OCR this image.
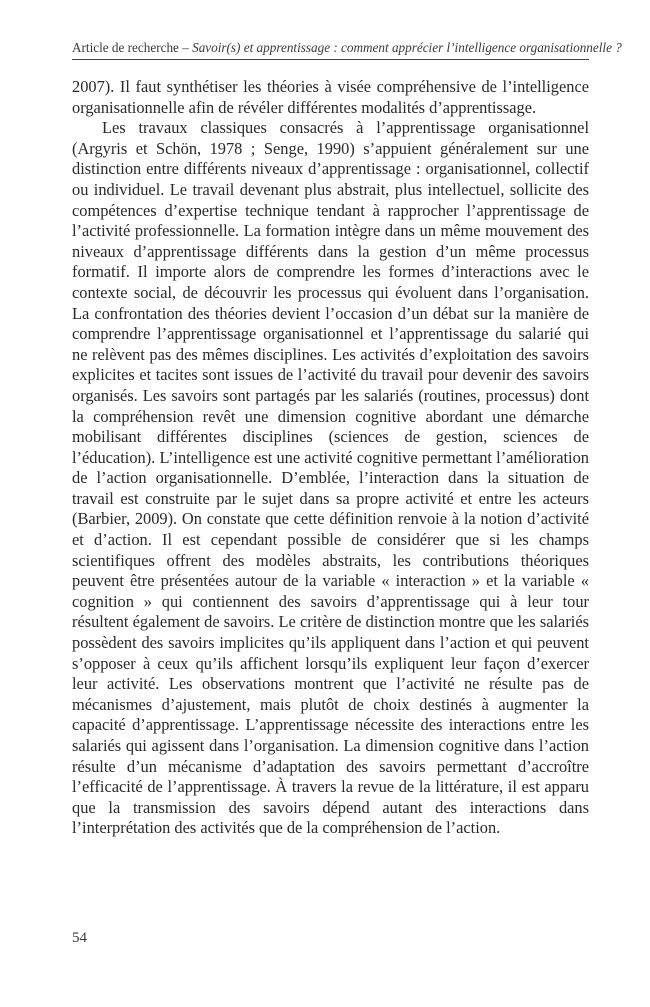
Article de recherche – Savoir(s) et apprentissage : comment apprécier l’intelligence organisationnelle ?

2007). Il faut synthétiser les théories à visée compréhensive de l’intelligence organisationnelle afin de révéler différentes modalités d’apprentissage.

Les travaux classiques consacrés à l’apprentissage organisationnel (Argyris et Schön, 1978 ; Senge, 1990) s’appuient généralement sur une distinction entre différents niveaux d’apprentissage : organisationnel, collectif ou individuel. Le travail devenant plus abstrait, plus intellectuel, sollicite des compétences d’expertise technique tendant à rapprocher l’apprentissage de l’activité professionnelle. La formation intègre dans un même mouvement des niveaux d’apprentissage différents dans la gestion d’un même processus formatif. Il importe alors de comprendre les formes d’interactions avec le contexte social, de découvrir les processus qui évoluent dans l’organisation. La confrontation des théories devient l’occasion d’un débat sur la manière de comprendre l’apprentissage organisationnel et l’apprentissage du salarié qui ne relèvent pas des mêmes disciplines. Les activités d’exploitation des savoirs explicites et tacites sont issues de l’activité du travail pour devenir des savoirs organisés. Les savoirs sont partagés par les salariés (routines, processus) dont la compréhension revêt une dimension cognitive abordant une démarche mobilisant différentes disciplines (sciences de gestion, sciences de l’éducation). L’intelligence est une activité cognitive permettant l’amélioration de l’action organisationnelle. D’emblée, l’interaction dans la situation de travail est construite par le sujet dans sa propre activité et entre les acteurs (Barbier, 2009). On constate que cette définition renvoie à la notion d’activité et d’action. Il est cependant possible de considérer que si les champs scientifiques offrent des modèles abstraits, les contributions théoriques peuvent être présentées autour de la variable « interaction » et la variable « cognition » qui contiennent des savoirs d’apprentissage qui à leur tour résultent également de savoirs. Le critère de distinction montre que les salariés possèdent des savoirs implicites qu’ils appliquent dans l’action et qui peuvent s’opposer à ceux qu’ils affichent lorsqu’ils expliquent leur façon d’exercer leur activité. Les observations montrent que l’activité ne résulte pas de mécanismes d’ajustement, mais plutôt de choix destinés à augmenter la capacité d’apprentissage. L’apprentissage nécessite des interactions entre les salariés qui agissent dans l’organisation. La dimension cognitive dans l’action résulte d’un mécanisme d’adaptation des savoirs permettant d’accroître l’efficacité de l’apprentissage. À travers la revue de la littérature, il est apparu que la transmission des savoirs dépend autant des interactions dans l’interprétation des activités que de la compréhension de l’action.

54
